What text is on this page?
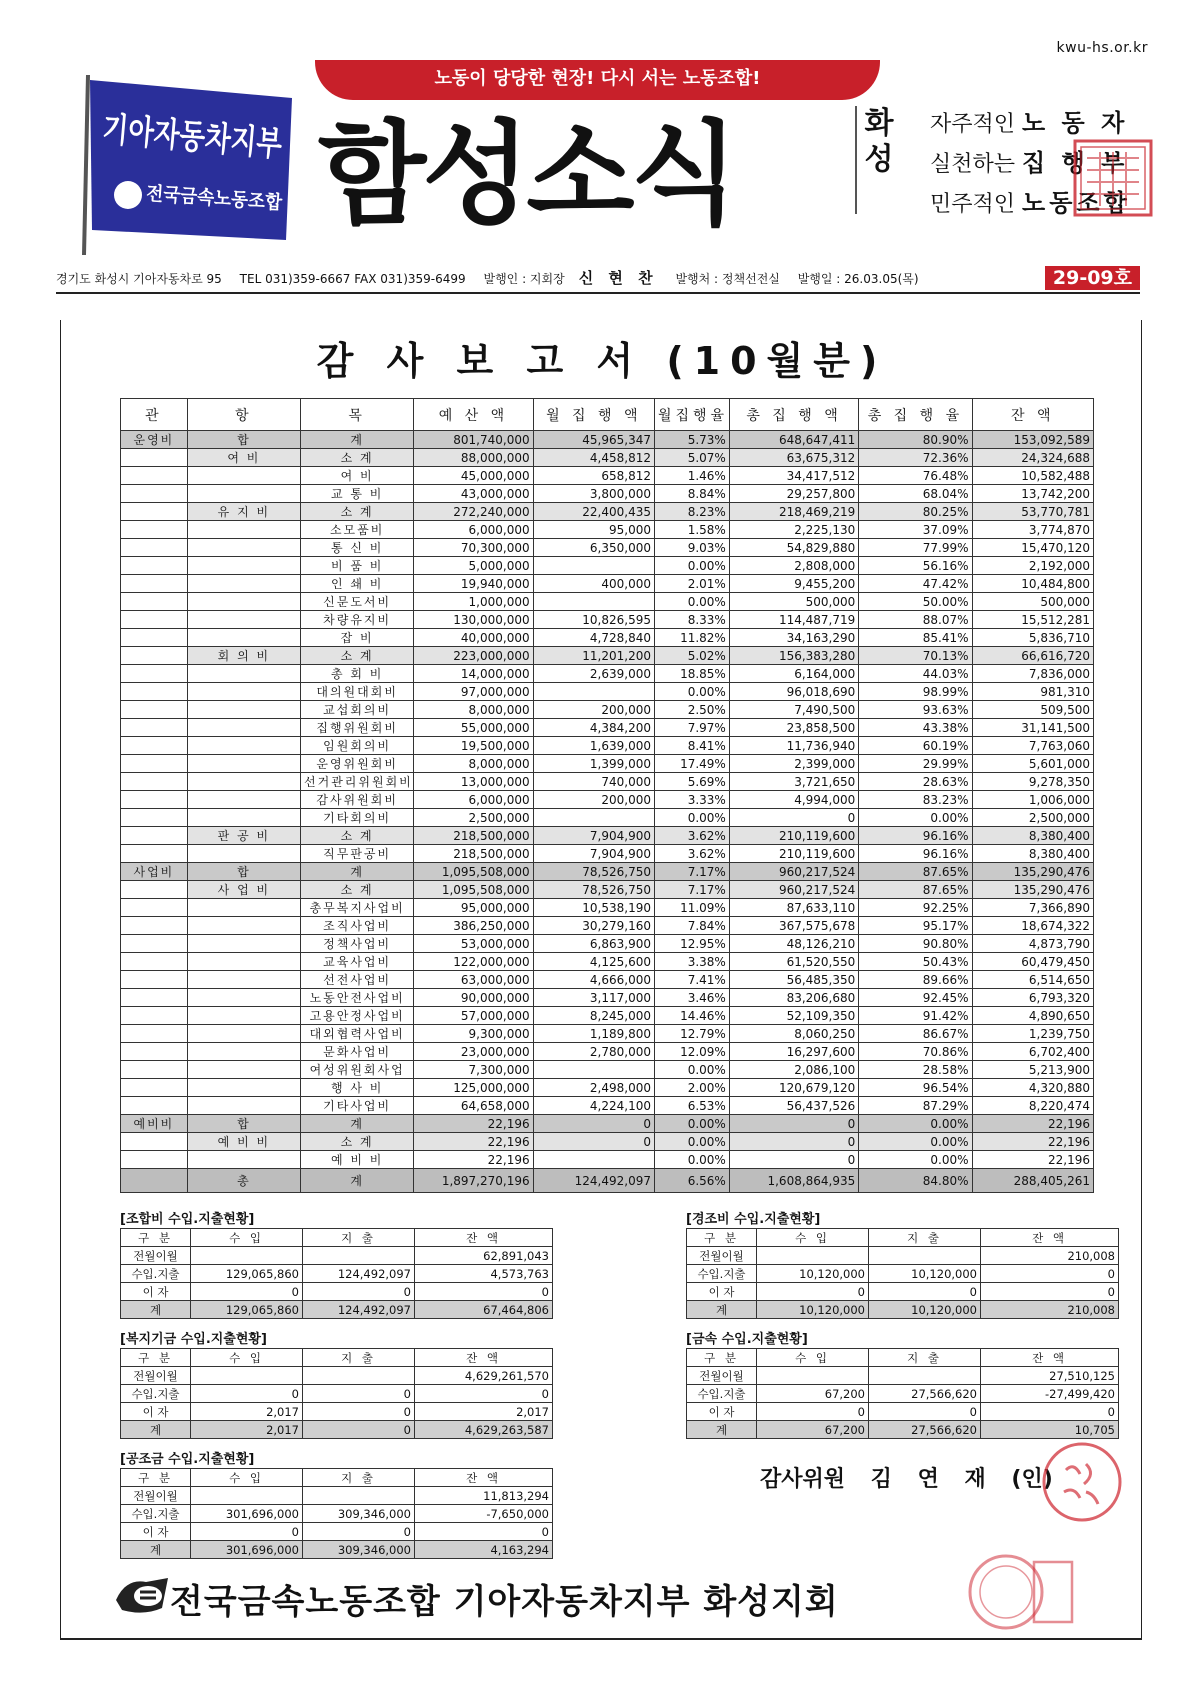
kwu-hs.or.kr
기아자동차지부
전국금속노동조합
노동이 당당한 현장! 다시 서는 노동조합!
함성소식	화 성
자주적인 노 동 자
실천하는 집 행 부
민주적인 노동조합
경기도 화성시 기아자동차로 95 TEL 031)359-6667 FAX 031)359-6499 발행인 : 지회장 신 현 찬 발행처 : 정책선전실 발행일 : 26.03.05(목)	29-09호
감 사 보 고 서 (10월분)
관	항	목	예 산 액	월 집 행 액	월집행율	총 집 행 액	총 집 행 율	잔 액
운영비	합	계	801,740,000	45,965,347	5.73%	648,647,411	80.90%	153,092,589
	여 비	소 계	88,000,000	4,458,812	5.07%	63,675,312	72.36%	24,324,688
		여 비	45,000,000	658,812	1.46%	34,417,512	76.48%	10,582,488
		교 통 비	43,000,000	3,800,000	8.84%	29,257,800	68.04%	13,742,200
	유 지 비	소 계	272,240,000	22,400,435	8.23%	218,469,219	80.25%	53,770,781
		소모품비	6,000,000	95,000	1.58%	2,225,130	37.09%	3,774,870
		통 신 비	70,300,000	6,350,000	9.03%	54,829,880	77.99%	15,470,120
		비 품 비	5,000,000		0.00%	2,808,000	56.16%	2,192,000
		인 쇄 비	19,940,000	400,000	2.01%	9,455,200	47.42%	10,484,800
		신문도서비	1,000,000		0.00%	500,000	50.00%	500,000
		차량유지비	130,000,000	10,826,595	8.33%	114,487,719	88.07%	15,512,281
		잡 비	40,000,000	4,728,840	11.82%	34,163,290	85.41%	5,836,710
	회 의 비	소 계	223,000,000	11,201,200	5.02%	156,383,280	70.13%	66,616,720
		총 회 비	14,000,000	2,639,000	18.85%	6,164,000	44.03%	7,836,000
		대의원대회비	97,000,000		0.00%	96,018,690	98.99%	981,310
		교섭회의비	8,000,000	200,000	2.50%	7,490,500	93.63%	509,500
		집행위원회비	55,000,000	4,384,200	7.97%	23,858,500	43.38%	31,141,500
		임원회의비	19,500,000	1,639,000	8.41%	11,736,940	60.19%	7,763,060
		운영위원회비	8,000,000	1,399,000	17.49%	2,399,000	29.99%	5,601,000
		선거관리위원회비	13,000,000	740,000	5.69%	3,721,650	28.63%	9,278,350
		감사위원회비	6,000,000	200,000	3.33%	4,994,000	83.23%	1,006,000
		기타회의비	2,500,000		0.00%	0	0.00%	2,500,000
	판 공 비	소 계	218,500,000	7,904,900	3.62%	210,119,600	96.16%	8,380,400
		직무판공비	218,500,000	7,904,900	3.62%	210,119,600	96.16%	8,380,400
사업비	합	계	1,095,508,000	78,526,750	7.17%	960,217,524	87.65%	135,290,476
	사 업 비	소 계	1,095,508,000	78,526,750	7.17%	960,217,524	87.65%	135,290,476
		총무복지사업비	95,000,000	10,538,190	11.09%	87,633,110	92.25%	7,366,890
		조직사업비	386,250,000	30,279,160	7.84%	367,575,678	95.17%	18,674,322
		정책사업비	53,000,000	6,863,900	12.95%	48,126,210	90.80%	4,873,790
		교육사업비	122,000,000	4,125,600	3.38%	61,520,550	50.43%	60,479,450
		선전사업비	63,000,000	4,666,000	7.41%	56,485,350	89.66%	6,514,650
		노동안전사업비	90,000,000	3,117,000	3.46%	83,206,680	92.45%	6,793,320
		고용안정사업비	57,000,000	8,245,000	14.46%	52,109,350	91.42%	4,890,650
		대외협력사업비	9,300,000	1,189,800	12.79%	8,060,250	86.67%	1,239,750
		문화사업비	23,000,000	2,780,000	12.09%	16,297,600	70.86%	6,702,400
		여성위원회사업	7,300,000		0.00%	2,086,100	28.58%	5,213,900
		행 사 비	125,000,000	2,498,000	2.00%	120,679,120	96.54%	4,320,880
		기타사업비	64,658,000	4,224,100	6.53%	56,437,526	87.29%	8,220,474
예비비	합	계	22,196	0	0.00%	0	0.00%	22,196
	예 비 비	소 계	22,196	0	0.00%	0	0.00%	22,196
		예 비 비	22,196		0.00%	0	0.00%	22,196
	총	계	1,897,270,196	124,492,097	6.56%	1,608,864,935	84.80%	288,405,261
[조합비 수입.지출현황]
구 분	수 입	지 출	잔 액
전월이월			62,891,043
수입.지출	129,065,860	124,492,097	4,573,763
이 자	0	0	0
계	129,065,860	124,492,097	67,464,806
[경조비 수입.지출현황]
구 분	수 입	지 출	잔 액
전월이월			210,008
수입.지출	10,120,000	10,120,000	0
이 자	0	0	0
계	10,120,000	10,120,000	210,008
[복지기금 수입.지출현황]
구 분	수 입	지 출	잔 액
전월이월			4,629,261,570
수입.지출	0	0	0
이 자	2,017	0	2,017
계	2,017	0	4,629,263,587
[금속 수입.지출현황]
구 분	수 입	지 출	잔 액
전월이월			27,510,125
수입.지출	67,200	27,566,620	-27,499,420
이 자	0	0	0
계	67,200	27,566,620	10,705
[공조금 수입.지출현황]
구 분	수 입	지 출	잔 액
전월이월			11,813,294
수입.지출	301,696,000	309,346,000	-7,650,000
이 자	0	0	0
계	301,696,000	309,346,000	4,163,294
감사위원 김 연 재 (인)
전국금속노동조합 기아자동차지부 화성지회
